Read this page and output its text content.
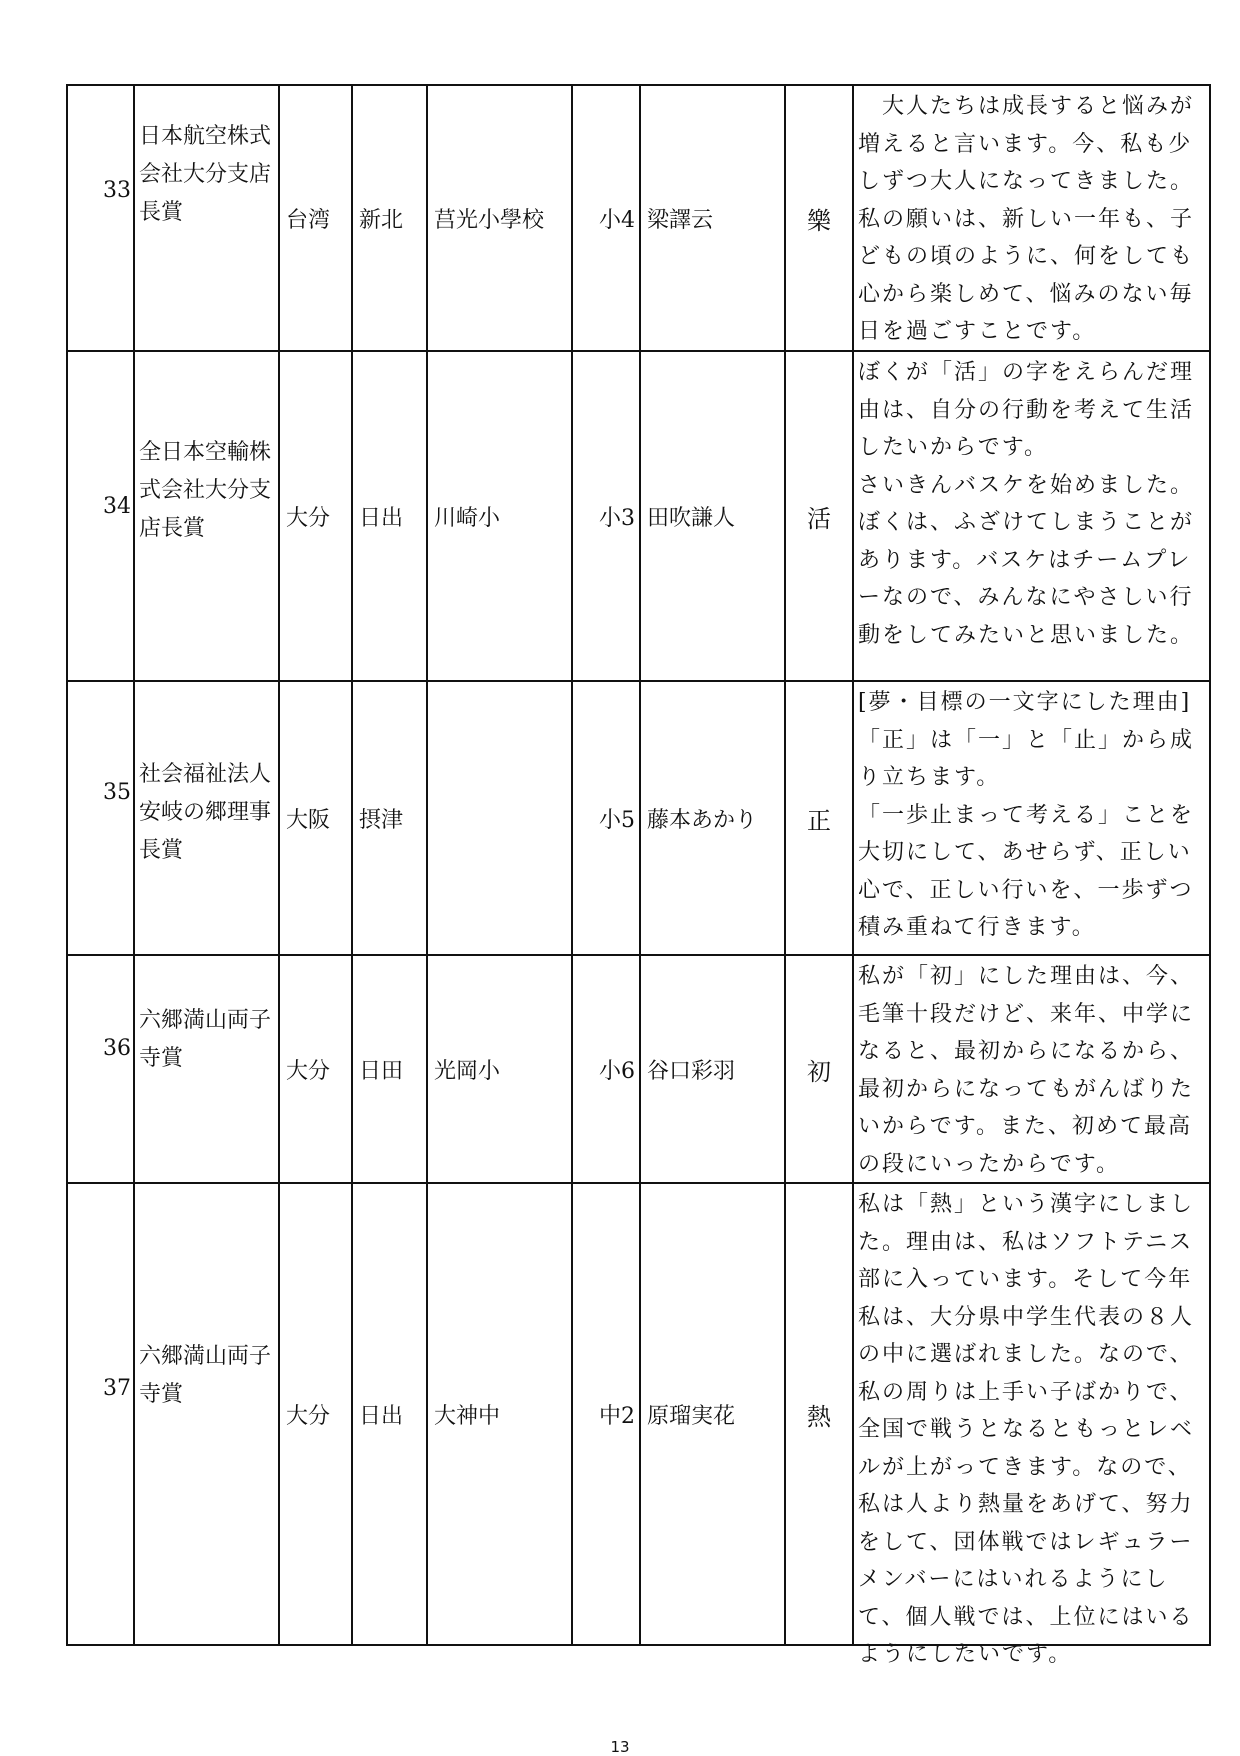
33	日本航空株式会社大分支店長賞	台湾	新北	莒光小學校	小4	梁譯云	樂	　大人たちは成長すると悩みが増えると言います。今、私も少しずつ大人になってきました。
私の願いは、新しい一年も、子どもの頃のように、何をしても心から楽しめて、悩みのない毎日を過ごすことです。

34	全日本空輸株式会社大分支店長賞	大分	日出	川崎小	小3	田吹謙人	活	ぼくが「活」の字をえらんだ理由は、自分の行動を考えて生活したいからです。
さいきんバスケを始めました。ぼくは、ふざけてしまうことがあります。バスケはチームプレーなので、みんなにやさしい行動をしてみたいと思いました。

35	社会福祉法人安岐の郷理事長賞	大阪	摂津		小5	藤本あかり	正	[夢・目標の一文字にした理由]
「正」は「一」と「止」から成り立ちます。
「一歩止まって考える」ことを大切にして、あせらず、正しい心で、正しい行いを、一歩ずつ積み重ねて行きます。

36	六郷満山両子寺賞	大分	日田	光岡小	小6	谷口彩羽	初	私が「初」にした理由は、今、毛筆十段だけど、来年、中学になると、最初からになるから、最初からになってもがんばりたいからです。また、初めて最高の段にいったからです。

37	六郷満山両子寺賞	大分	日出	大神中	中2	原瑠実花	熱	私は「熱」という漢字にしました。理由は、私はソフトテニス部に入っています。そして今年私は、大分県中学生代表の８人の中に選ばれました。なので、私の周りは上手い子ばかりで、全国で戦うとなるともっとレベルが上がってきます。なので、私は人より熱量をあげて、努力をして、団体戦ではレギュラーメンバーにはいれるようにして、個人戦では、上位にはいるようにしたいです。
13
